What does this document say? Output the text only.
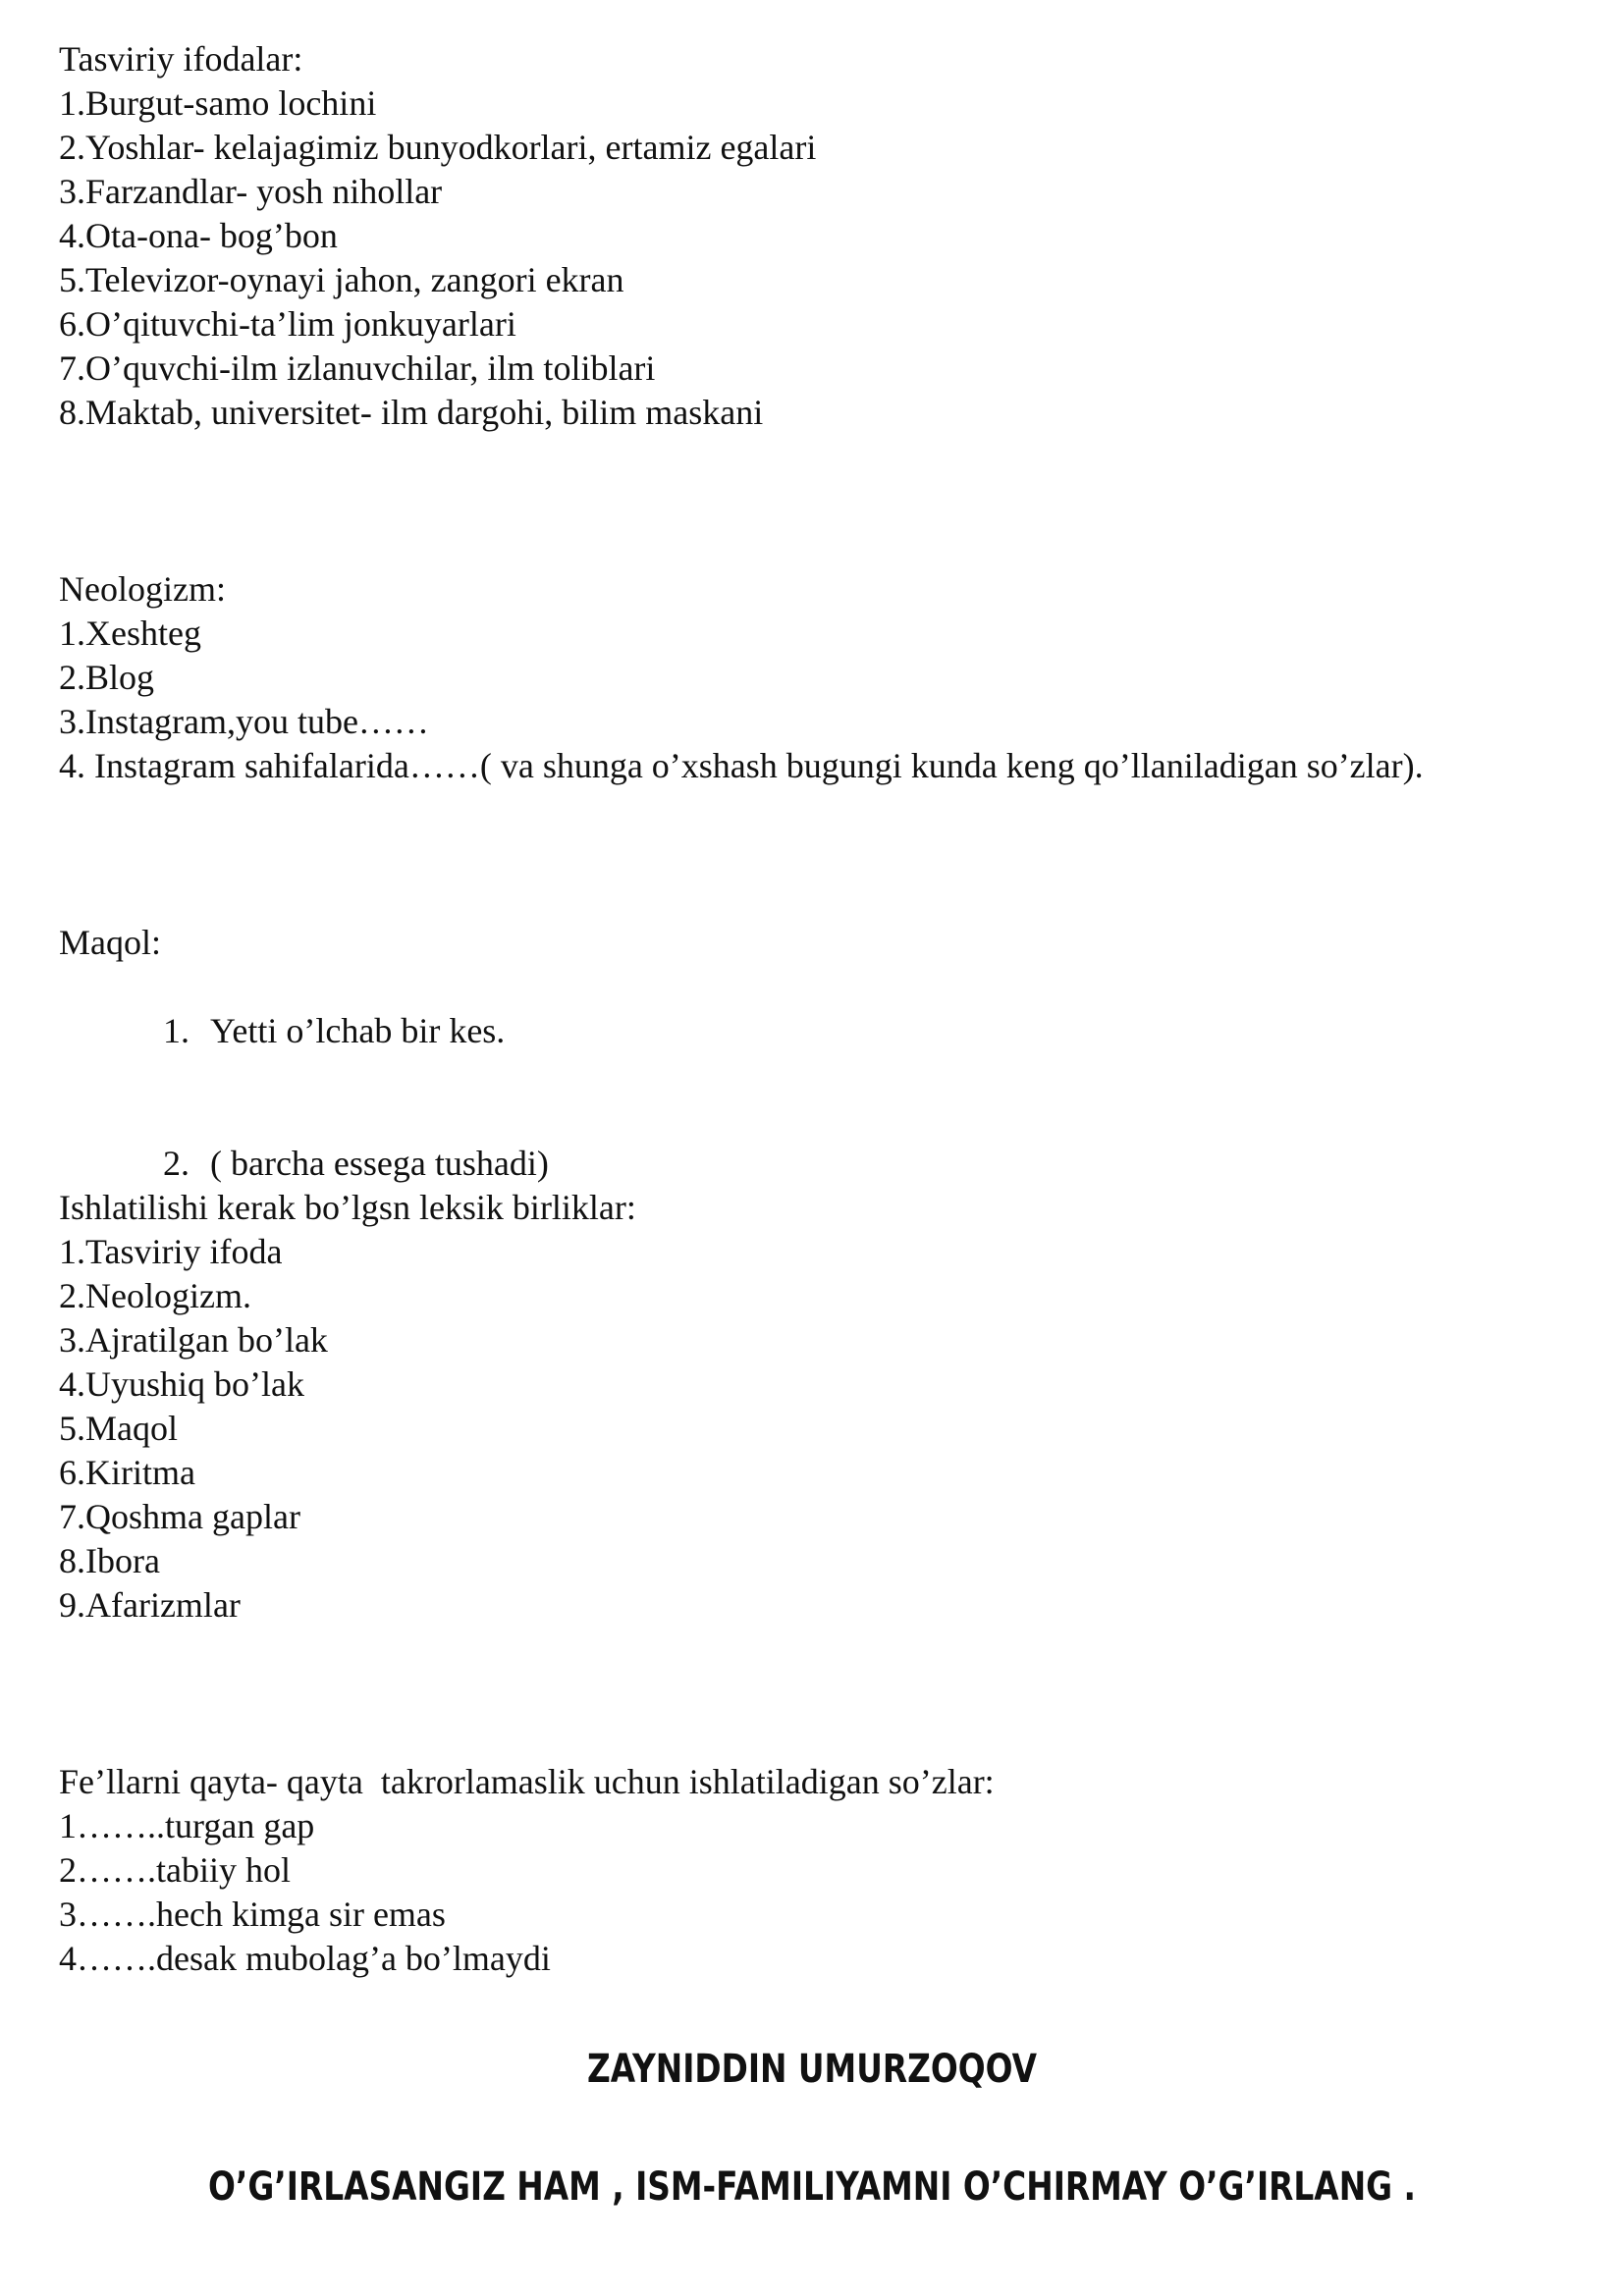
Tasviriy ifodalar:
1.Burgut-samo lochini
2.Yoshlar- kelajagimiz bunyodkorlari, ertamiz egalari
3.Farzandlar- yosh nihollar
4.Ota-ona- bog’bon
5.Televizor-oynayi jahon, zangori ekran
6.O’qituvchi-ta’lim jonkuyarlari
7.O’quvchi-ilm izlanuvchilar, ilm toliblari
8.Maktab, universitet- ilm dargohi, bilim maskani
Neologizm:
1.Xeshteg
2.Blog
3.Instagram,you tube……
4. Instagram sahifalarida……( va shunga o’xshash bugungi kunda keng qo’llaniladigan so’zlar).
Maqol:

1. Yetti o’lchab bir kes.

2. ( barcha essega tushadi)

Ishlatilishi kerak bo’lgsn leksik birliklar:
1.Tasviriy ifoda
2.Neologizm.
3.Ajratilgan bo’lak
4.Uyushiq bo’lak
5.Maqol
6.Kiritma
7.Qoshma gaplar
8.Ibora
9.Afarizmlar
Fe’llarni qayta- qayta  takrorlamaslik uchun ishlatiladigan so’zlar:
1……..turgan gap
2…….tabiiy hol
3…….hech kimga sir emas
4…….desak mubolag’a bo’lmaydi
ZAYNIDDIN UMURZOQOV
O’G’IRLASANGIZ HAM , ISM-FAMILIYAMNI O’CHIRMAY O’G’IRLANG .
